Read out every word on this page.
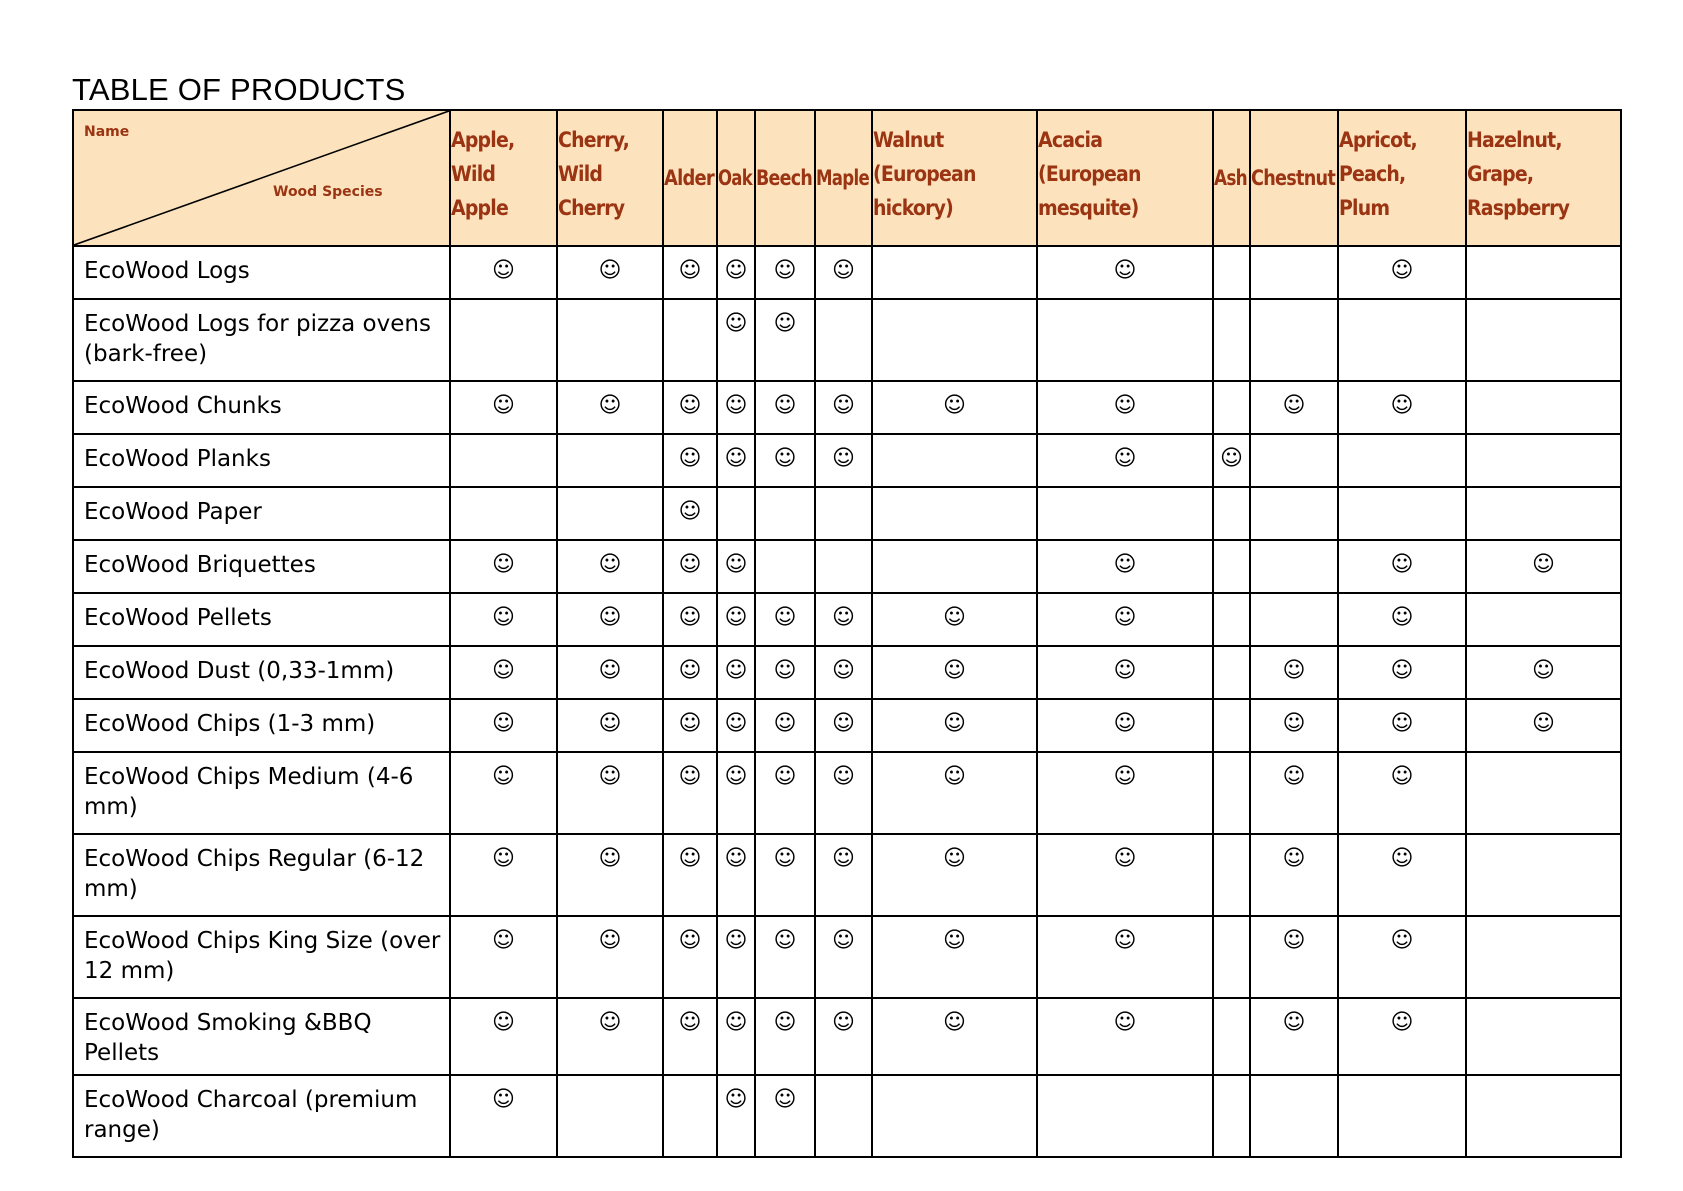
TABLE OF PRODUCTS
Name
Wood Species	Apple,
Wild
Apple	Cherry,
Wild
Cherry	Alder	Oak	Beech	Maple	Walnut
(European
hickory)	Acacia
(European
mesquite)	Ash	Chestnut	Apricot,
Peach,
Plum	Hazelnut,
Grape,
Raspberry
EcoWood Logs	☺	☺	☺	☺	☺	☺		☺			☺	
EcoWood Logs for pizza ovens (bark-free)				☺	☺							
EcoWood Chunks	☺	☺	☺	☺	☺	☺	☺	☺		☺	☺	
EcoWood Planks			☺	☺	☺	☺		☺	☺			
EcoWood Paper			☺									
EcoWood Briquettes	☺	☺	☺	☺				☺			☺	☺
EcoWood Pellets	☺	☺	☺	☺	☺	☺	☺	☺			☺	
EcoWood Dust (0,33-1mm)	☺	☺	☺	☺	☺	☺	☺	☺		☺	☺	☺
EcoWood Chips (1-3 mm)	☺	☺	☺	☺	☺	☺	☺	☺		☺	☺	☺
EcoWood Chips Medium (4-6 mm)	☺	☺	☺	☺	☺	☺	☺	☺		☺	☺	
EcoWood Chips Regular (6-12 mm)	☺	☺	☺	☺	☺	☺	☺	☺		☺	☺	
EcoWood Chips King Size (over 12 mm)	☺	☺	☺	☺	☺	☺	☺	☺		☺	☺	
EcoWood Smoking &BBQ Pellets	☺	☺	☺	☺	☺	☺	☺	☺		☺	☺	
EcoWood Charcoal (premium range)	☺			☺	☺							
